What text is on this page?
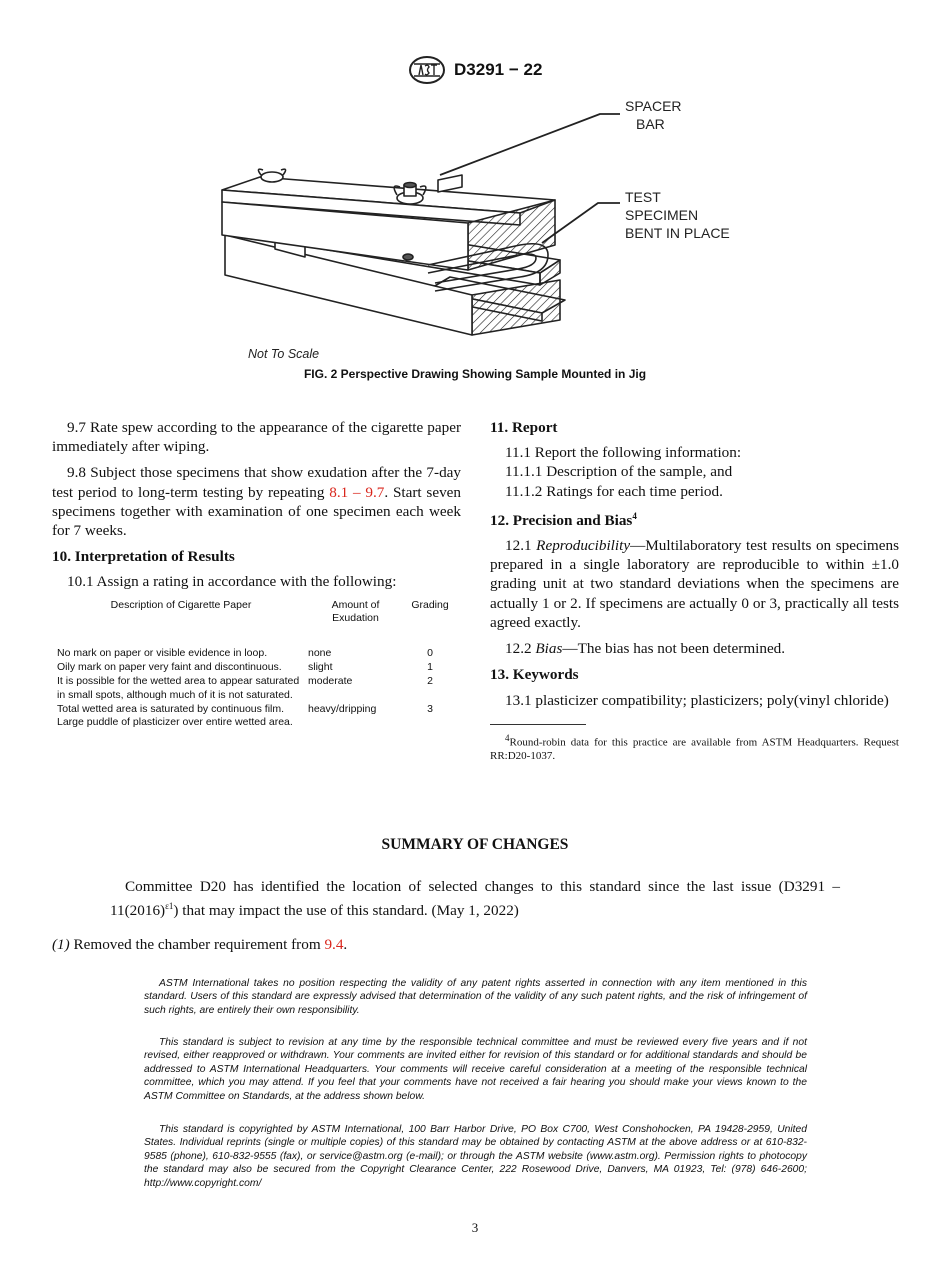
D3291 − 22
SPACER
BAR
TEST
SPECIMEN
BENT IN PLACE
Not To Scale
FIG. 2 Perspective Drawing Showing Sample Mounted in Jig

9.7 Rate spew according to the appearance of the cigarette paper immediately after wiping.

9.8 Subject those specimens that show exudation after the 7-day test period to long-term testing by repeating 8.1 – 9.7. Start seven specimens together with examination of one specimen each week for 7 weeks.

10. Interpretation of Results

10.1 Assign a rating in accordance with the following:

Description of Cigarette Paper	Amount of Exudation	Grading
No mark on paper or visible evidence in loop.	none	0
Oily mark on paper very faint and discontinuous.	slight	1
It is possible for the wetted area to appear saturated in small spots, although much of it is not saturated.	moderate	2
Total wetted area is saturated by continuous film. Large puddle of plasticizer over entire wetted area.	heavy/dripping	3
11. Report

11.1 Report the following information:

11.1.1 Description of the sample, and

11.1.2 Ratings for each time period.

12. Precision and Bias$^4$

12.1 Reproducibility—Multilaboratory test results on specimens prepared in a single laboratory are reproducible to within ±1.0 grading unit at two standard deviations when the specimens are actually 1 or 2. If specimens are actually 0 or 3, practically all tests agreed exactly.

12.2 Bias—The bias has not been determined.

13. Keywords

13.1 plasticizer compatibility; plasticizers; poly(vinyl chloride)

$^4$Round-robin data for this practice are available from ASTM Headquarters. Request RR:D20-1037.
SUMMARY OF CHANGES
Committee D20 has identified the location of selected changes to this standard since the last issue $(D3291 - 11(2016)^{\varepsilon 1})$ that may impact the use of this standard. (May 1, 2022)
(1) Removed the chamber requirement from 9.4.
ASTM International takes no position respecting the validity of any patent rights asserted in connection with any item mentioned in this standard. Users of this standard are expressly advised that determination of the validity of any such patent rights, and the risk of infringement of such rights, are entirely their own responsibility.
This standard is subject to revision at any time by the responsible technical committee and must be reviewed every five years and if not revised, either reapproved or withdrawn. Your comments are invited either for revision of this standard or for additional standards and should be addressed to ASTM International Headquarters. Your comments will receive careful consideration at a meeting of the responsible technical committee, which you may attend. If you feel that your comments have not received a fair hearing you should make your views known to the ASTM Committee on Standards, at the address shown below.
This standard is copyrighted by ASTM International, 100 Barr Harbor Drive, PO Box C700, West Conshohocken, PA 19428-2959, United States. Individual reprints (single or multiple copies) of this standard may be obtained by contacting ASTM at the above address or at 610-832-9585 (phone), 610-832-9555 (fax), or service@astm.org (e-mail); or through the ASTM website (www.astm.org). Permission rights to photocopy the standard may also be secured from the Copyright Clearance Center, 222 Rosewood Drive, Danvers, MA 01923, Tel: (978) 646-2600; http://www.copyright.com/
3
